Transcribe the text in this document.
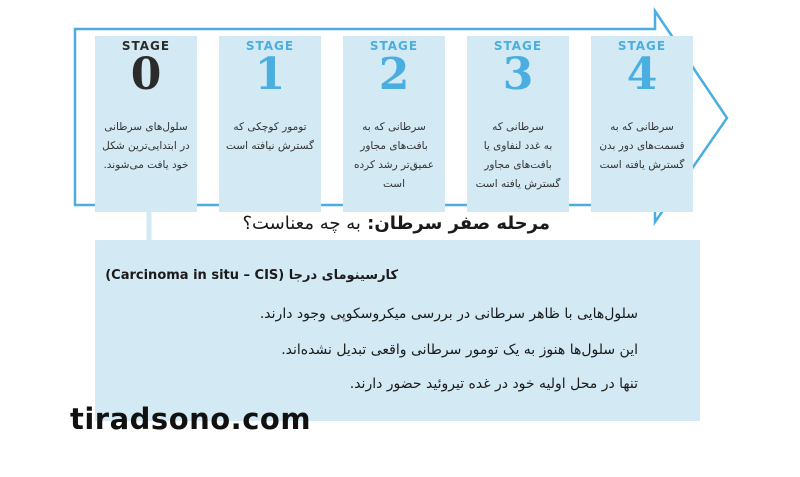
STAGE
0
سلول‌های سرطانی
در ابتدایی‌ترین شکل
خود یافت می‌شوند.
STAGE
1
تومور کوچکی که
گسترش نیافته است
STAGE
2
سرطانی که به
بافت‌های مجاور
عمیق‌تر رشد کرده است
STAGE
3
سرطانی که
به غدد لنفاوی یا
بافت‌های مجاور
گسترش یافته است
STAGE
4
سرطانی که به
قسمت‌های دور بدن
گسترش یافته است
مرحله صفر سرطان: به چه معناست؟
کارسینومای درجا (Carcinoma in situ – CIS)
سلول‌هایی با ظاهر سرطانی در بررسی میکروسکوپی وجود دارند.
این سلول‌ها هنوز به یک تومور سرطانی واقعی تبدیل نشده‌اند.
تنها در محل اولیه خود در غده تیروئید حضور دارند.
tiradsono.com
